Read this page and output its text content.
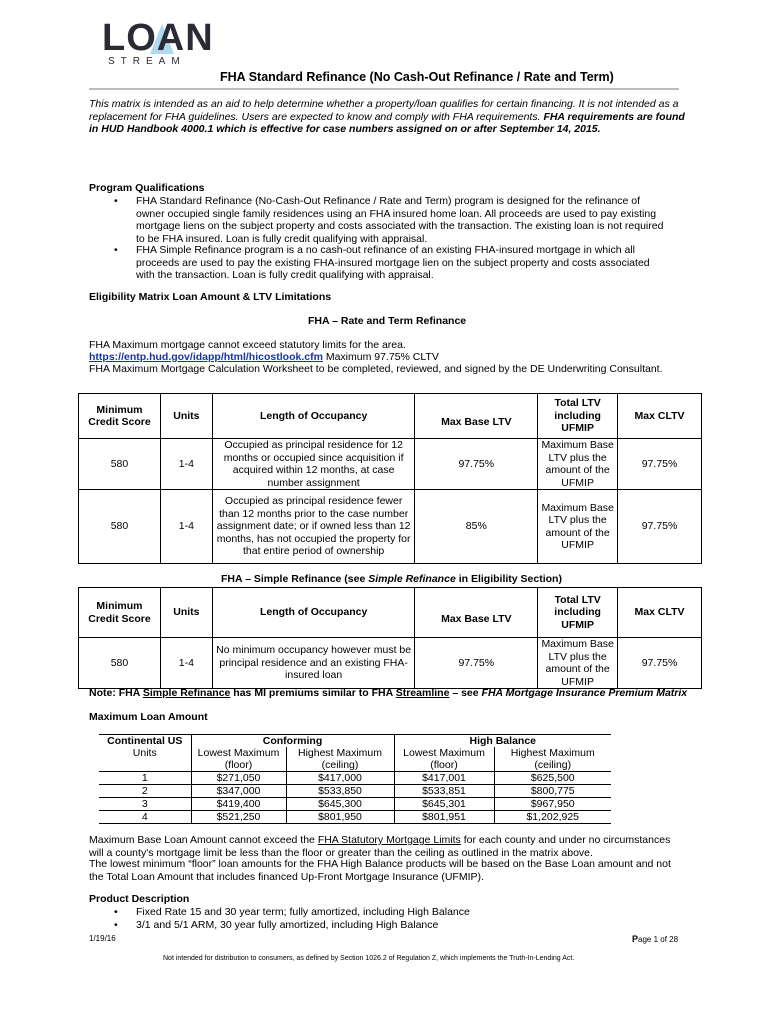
LOAN
STREAM
FHA Standard Refinance (No Cash-Out Refinance / Rate and Term)
This matrix is intended as an aid to help determine whether a property/loan qualifies for certain financing. It is not intended as a replacement for FHA guidelines. Users are expected to know and comply with FHA requirements. FHA requirements are found in HUD Handbook 4000.1 which is effective for case numbers assigned on or after September 14, 2015.
Program Qualifications
•	FHA Standard Refinance (No-Cash-Out Refinance / Rate and Term) program is designed for the refinance of owner occupied single family residences using an FHA insured home loan. All proceeds are used to pay existing mortgage liens on the subject property and costs associated with the transaction. The existing loan is not required to be FHA insured. Loan is fully credit qualifying with appraisal.
•	FHA Simple Refinance program is a no cash-out refinance of an existing FHA-insured mortgage in which all proceeds are used to pay the existing FHA-insured mortgage lien on the subject property and costs associated with the transaction. Loan is fully credit qualifying with appraisal.
Eligibility Matrix Loan Amount & LTV Limitations
FHA – Rate and Term Refinance
FHA Maximum mortgage cannot exceed statutory limits for the area.
https://entp.hud.gov/idapp/html/hicostlook.cfm Maximum 97.75% CLTV
FHA Maximum Mortgage Calculation Worksheet to be completed, reviewed, and signed by the DE Underwriting Consultant.
Minimum Credit Score	Units	Length of Occupancy	Max Base LTV	Total LTV including UFMIP	Max CLTV
580	1-4	Occupied as principal residence for 12 months or occupied since acquisition if acquired within 12 months, at case number assignment	97.75%	Maximum Base LTV plus the amount of the UFMIP	97.75%
580	1-4	Occupied as principal residence fewer than 12 months prior to the case number assignment date; or if owned less than 12 months, has not occupied the property for that entire period of ownership	85%	Maximum Base LTV plus the amount of the UFMIP	97.75%
FHA – Simple Refinance (see Simple Refinance in Eligibility Section)
Minimum Credit Score	Units	Length of Occupancy	Max Base LTV	Total LTV including UFMIP	Max CLTV
580	1-4	No minimum occupancy however must be principal residence and an existing FHA-insured loan	97.75%	Maximum Base LTV plus the amount of the UFMIP	97.75%
Note: FHA Simple Refinance has MI premiums similar to FHA Streamline – see FHA Mortgage Insurance Premium Matrix
Maximum Loan Amount
Continental US	Conforming		High Balance	
Units	Lowest Maximum	Highest Maximum	Lowest Maximum	Highest Maximum
	(floor)	(ceiling)	(floor)	(ceiling)
1	$271,050	$417,000	$417,001	$625,500
2	$347,000	$533,850	$533,851	$800,775
3	$419,400	$645,300	$645,301	$967,950
4	$521,250	$801,950	$801,951	$1,202,925
Maximum Base Loan Amount cannot exceed the FHA Statutory Mortgage Limits for each county and under no circumstances will a county's mortgage limit be less than the floor or greater than the ceiling as outlined in the matrix above.
The lowest minimum “floor” loan amounts for the FHA High Balance products will be based on the Base Loan amount and not the Total Loan Amount that includes financed Up-Front Mortgage Insurance (UFMIP).
Product Description
•	Fixed Rate 15 and 30 year term; fully amortized, including High Balance
•	3/1 and 5/1 ARM, 30 year fully amortized, including High Balance
1/19/16	Page 1 of 28
Not intended for distribution to consumers, as defined by Section 1026.2 of Regulation Z, which implements the Truth-In-Lending Act.
